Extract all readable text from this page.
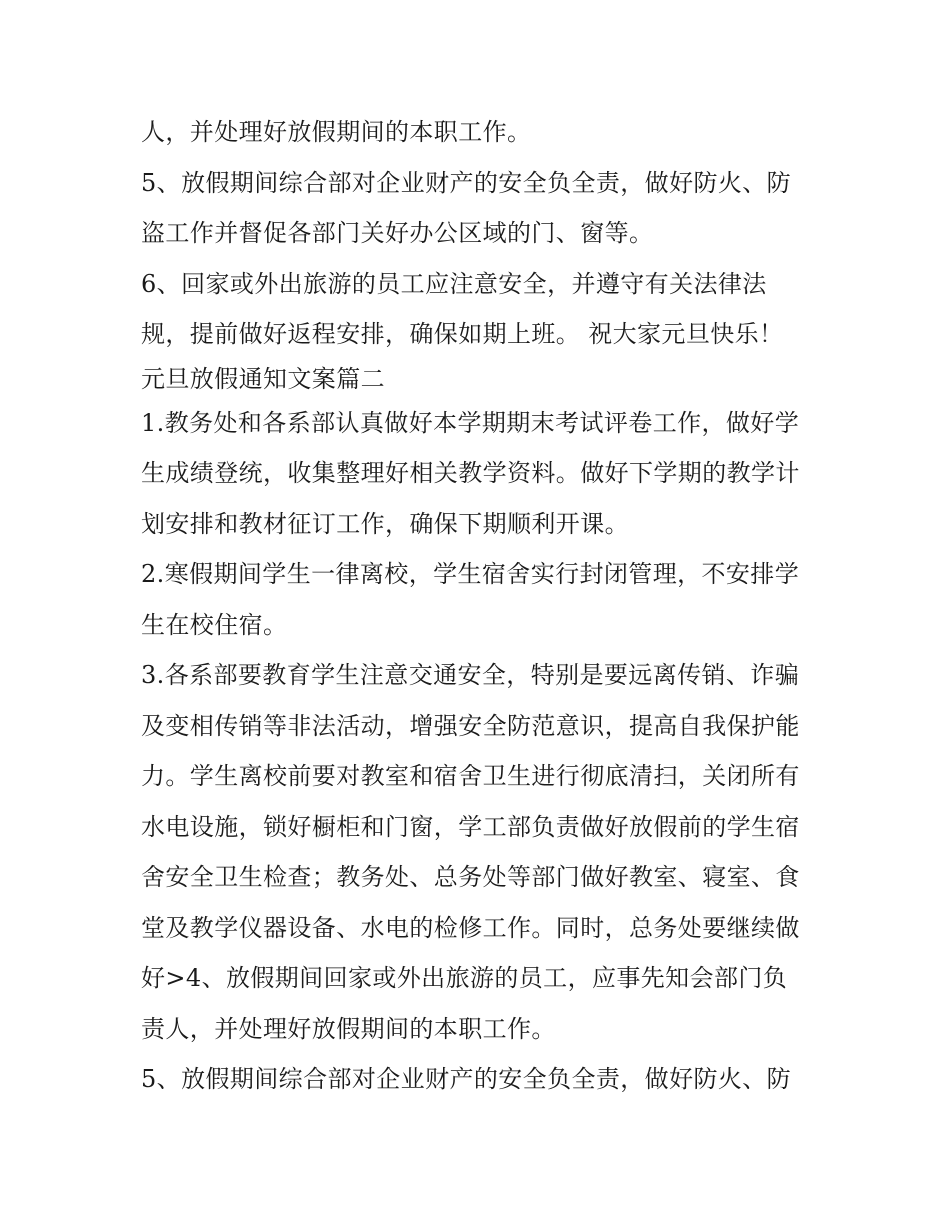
人，并处理好放假期间的本职工作。
5、放假期间综合部对企业财产的安全负全责，做好防火、防
盗工作并督促各部门关好办公区域的门、窗等。
6、回家或外出旅游的员工应注意安全，并遵守有关法律法
规，提前做好返程安排，确保如期上班。 祝大家元旦快乐！
元旦放假通知文案篇二
1.教务处和各系部认真做好本学期期末考试评卷工作，做好学
生成绩登统，收集整理好相关教学资料。做好下学期的教学计
划安排和教材征订工作，确保下期顺利开课。
2.寒假期间学生一律离校，学生宿舍实行封闭管理，不安排学
生在校住宿。
3.各系部要教育学生注意交通安全，特别是要远离传销、诈骗
及变相传销等非法活动，增强安全防范意识，提高自我保护能
力。学生离校前要对教室和宿舍卫生进行彻底清扫，关闭所有
水电设施，锁好橱柜和门窗，学工部负责做好放假前的学生宿
舍安全卫生检查；教务处、总务处等部门做好教室、寝室、食
堂及教学仪器设备、水电的检修工作。同时，总务处要继续做
好>4、放假期间回家或外出旅游的员工，应事先知会部门负
责人，并处理好放假期间的本职工作。
5、放假期间综合部对企业财产的安全负全责，做好防火、防
